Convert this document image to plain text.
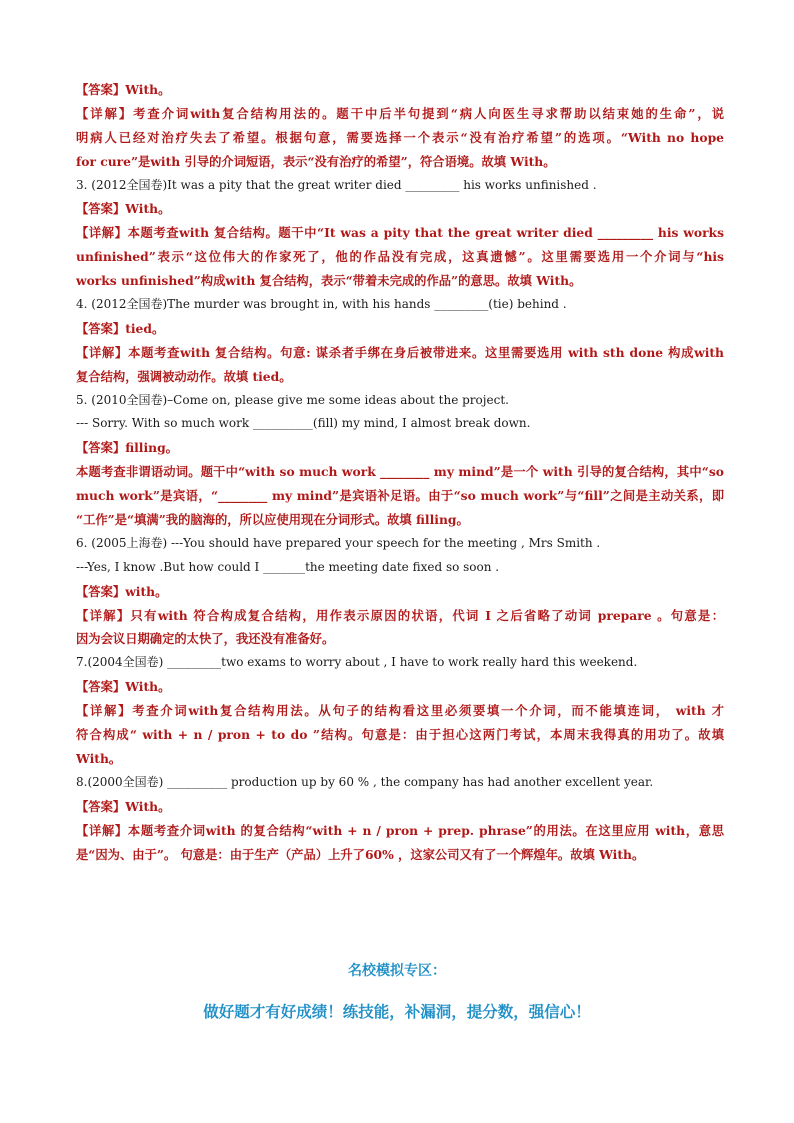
【答案】With。
【详解】考查介词with复合结构用法的。题干中后半句提到“病人向医生寻求帮助以结束她的生命”，说
明病人已经对治疗失去了希望。根据句意，需要选择一个表示“没有治疗希望”的选项。“With no hope
for cure”是with 引导的介词短语，表示“没有治疗的希望”，符合语境。故填 With。
3. (2012全国卷)It was a pity that the great writer died _________ his works unfinished .
【答案】With。
【详解】本题考查with 复合结构。题干中“It was a pity that the great writer died _________ his works
unfinished”表示“这位伟大的作家死了，他的作品没有完成，这真遗憾”。这里需要选用一个介词与“his
works unfinished”构成with 复合结构，表示“带着未完成的作品”的意思。故填 With。
4. (2012全国卷)The murder was brought in, with his hands _________(tie) behind .
【答案】tied。
【详解】本题考查with 复合结构。句意: 谋杀者手绑在身后被带进来。这里需要选用 with sth done 构成with
复合结构，强调被动动作。故填 tied。
5. (2010全国卷)–Come on, please give me some ideas about the project.
--- Sorry. With so much work __________(fill) my mind, I almost break down.
【答案】filling。
本题考查非谓语动词。题干中“with so much work ________ my mind”是一个 with 引导的复合结构，其中“so
much work”是宾语，“________ my mind”是宾语补足语。由于“so much work”与“fill”之间是主动关系，即
“工作”是“填满”我的脑海的，所以应使用现在分词形式。故填 filling。
6. (2005上海卷) ---You should have prepared your speech for the meeting , Mrs Smith .
---Yes, I know .But how could I _______the meeting date fixed so soon .
【答案】with。
【详解】只有with 符合构成复合结构，用作表示原因的状语，代词 I 之后省略了动词 prepare 。句意是：
因为会议日期确定的太快了，我还没有准备好。
7.(2004全国卷) _________two exams to worry about , I have to work really hard this weekend.
【答案】With。
【详解】考查介词with复合结构用法。从句子的结构看这里必须要填一个介词，而不能填连词， with 才
符合构成“ with + n / pron + to do ”结构。句意是：由于担心这两门考试，本周末我得真的用功了。故填
With。
8.(2000全国卷) __________ production up by 60 % , the company has had another excellent year.
【答案】With。
【详解】本题考查介词with 的复合结构“with + n / pron + prep. phrase”的用法。在这里应用 with，意思
是“因为、由于”。 句意是：由于生产（产品）上升了60% ，这家公司又有了一个辉煌年。故填 With。
名校模拟专区：
做好题才有好成绩！练技能，补漏洞，提分数，强信心！
